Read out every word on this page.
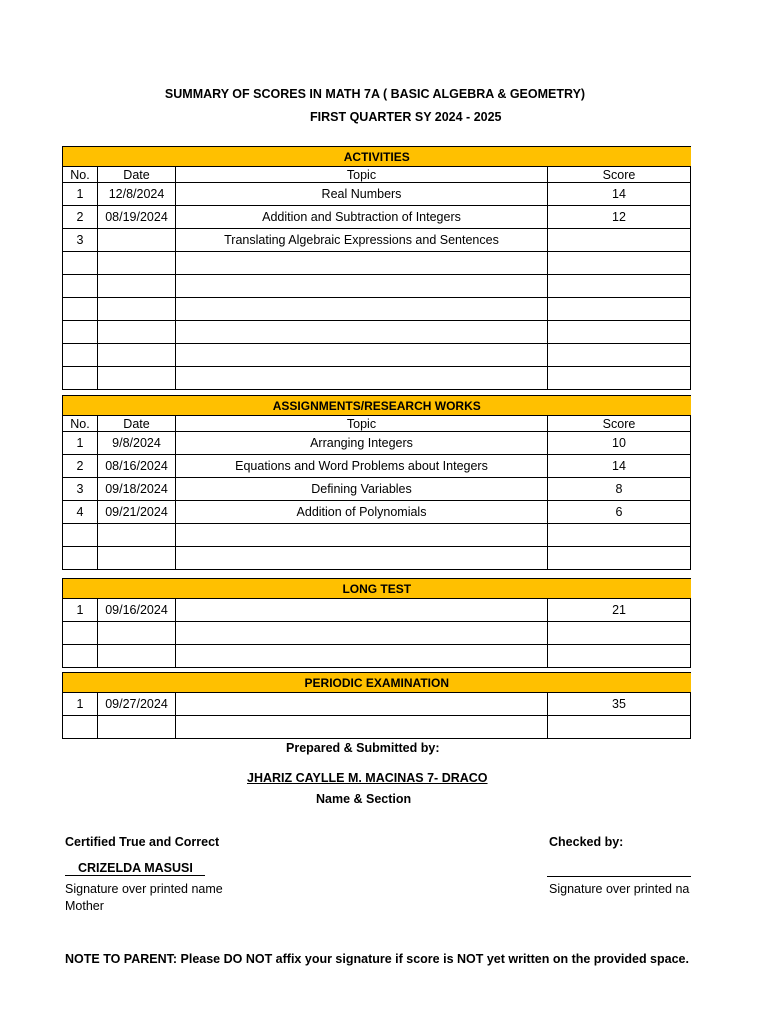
SUMMARY OF SCORES IN MATH 7A ( BASIC ALGEBRA & GEOMETRY)
FIRST QUARTER SY 2024 - 2025
ACTIVITIES			
No.	Date	Topic	Score
1	12/8/2024	Real Numbers	14
2	08/19/2024	Addition and Subtraction of Integers	12
3		Translating Algebraic Expressions and Sentences	

ASSIGNMENTS/RESEARCH WORKS			
No.	Date	Topic	Score
1	9/8/2024	Arranging Integers	10
2	08/16/2024	Equations and Word Problems about Integers	14
3	09/18/2024	Defining Variables	8
4	09/21/2024	Addition of Polynomials	6

LONG TEST			
1	09/16/2024		21

PERIODIC EXAMINATION			
1	09/27/2024		35

Prepared & Submitted by:
JHARIZ CAYLLE M. MACINAS 7- DRACO
Name & Section
Certified True and Correct
CRIZELDA MASUSI
Signature over printed name
Mother
Checked by:
Signature over printed na
NOTE TO PARENT: Please DO NOT affix your signature if score is NOT yet written on the provided space.
